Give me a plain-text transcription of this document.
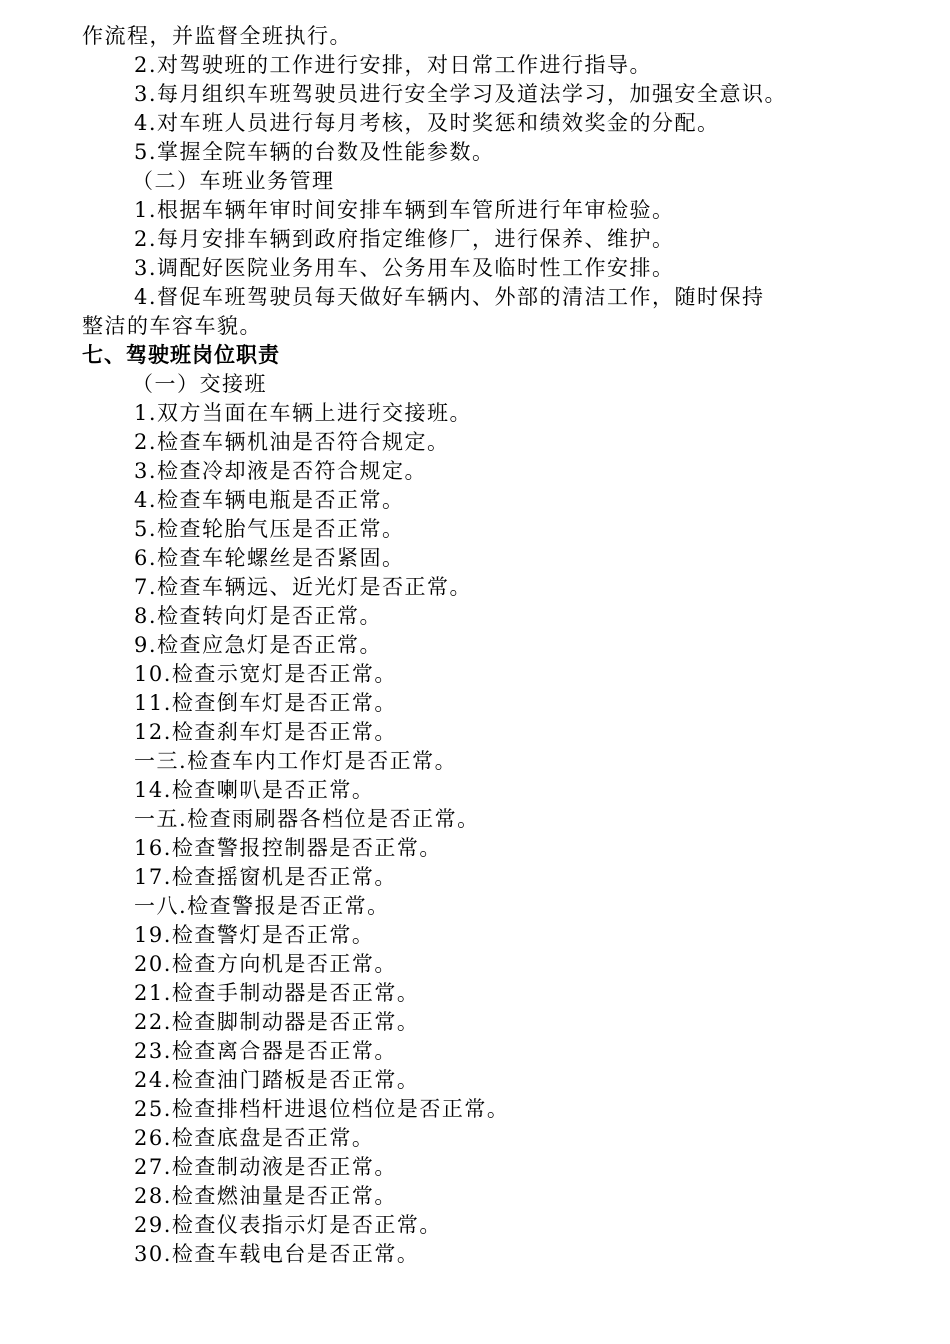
作流程，并监督全班执行。
2.对驾驶班的工作进行安排，对日常工作进行指导。
3.每月组织车班驾驶员进行安全学习及道法学习，加强安全意识。
4.对车班人员进行每月考核，及时奖惩和绩效奖金的分配。
5.掌握全院车辆的台数及性能参数。
（二）车班业务管理
1.根据车辆年审时间安排车辆到车管所进行年审检验。
2.每月安排车辆到政府指定维修厂，进行保养、维护。
3.调配好医院业务用车、公务用车及临时性工作安排。
4.督促车班驾驶员每天做好车辆内、外部的清洁工作，随时保持
整洁的车容车貌。
七、驾驶班岗位职责
（一）交接班
1.双方当面在车辆上进行交接班。
2.检查车辆机油是否符合规定。
3.检查冷却液是否符合规定。
4.检查车辆电瓶是否正常。
5.检查轮胎气压是否正常。
6.检查车轮螺丝是否紧固。
7.检查车辆远、近光灯是否正常。
8.检查转向灯是否正常。
9.检查应急灯是否正常。
10.检查示宽灯是否正常。
11.检查倒车灯是否正常。
12.检查刹车灯是否正常。
一三.检查车内工作灯是否正常。
14.检查喇叭是否正常。
一五.检查雨刷器各档位是否正常。
16.检查警报控制器是否正常。
17.检查摇窗机是否正常。
一八.检查警报是否正常。
19.检查警灯是否正常。
20.检查方向机是否正常。
21.检查手制动器是否正常。
22.检查脚制动器是否正常。
23.检查离合器是否正常。
24.检查油门踏板是否正常。
25.检查排档杆进退位档位是否正常。
26.检查底盘是否正常。
27.检查制动液是否正常。
28.检查燃油量是否正常。
29.检查仪表指示灯是否正常。
30.检查车载电台是否正常。
